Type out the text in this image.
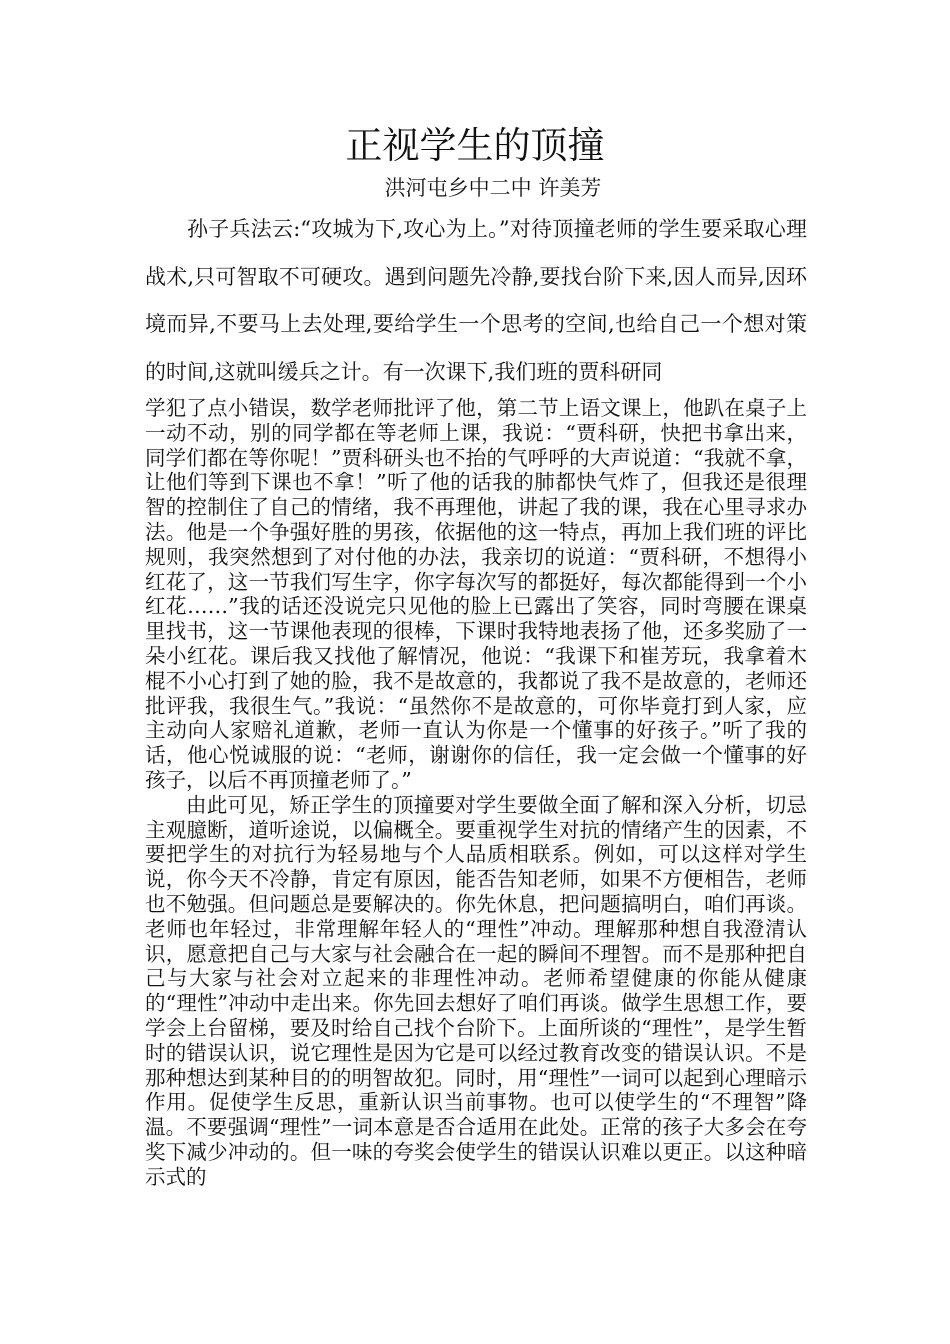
正视学生的顶撞
洪河屯乡中二中 许美芳

孙子兵法云:“攻城为下,攻心为上。”对待顶撞老师的学生要采取心理战术,只可智取不可硬攻。遇到问题先冷静,要找台阶下来,因人而异,因环境而异,不要马上去处理,要给学生一个思考的空间,也给自己一个想对策的时间,这就叫缓兵之计。有一次课下,我们班的贾科研同

学犯了点小错误，数学老师批评了他，第二节上语文课上，他趴在桌子上一动不动，别的同学都在等老师上课，我说：“贾科研，快把书拿出来，同学们都在等你呢！”贾科研头也不抬的气呼呼的大声说道：“我就不拿，让他们等到下课也不拿！”听了他的话我的肺都快气炸了，但我还是很理智的控制住了自己的情绪，我不再理他，讲起了我的课，我在心里寻求办法。他是一个争强好胜的男孩，依据他的这一特点，再加上我们班的评比规则，我突然想到了对付他的办法，我亲切的说道：“贾科研，不想得小红花了，这一节我们写生字，你字每次写的都挺好，每次都能得到一个小红花……”我的话还没说完只见他的脸上已露出了笑容，同时弯腰在课桌里找书，这一节课他表现的很棒，下课时我特地表扬了他，还多奖励了一朵小红花。课后我又找他了解情况，他说：“我课下和崔芳玩，我拿着木棍不小心打到了她的脸，我不是故意的，我都说了我不是故意的，老师还批评我，我很生气。”我说：“虽然你不是故意的，可你毕竟打到人家，应主动向人家赔礼道歉，老师一直认为你是一个懂事的好孩子。”听了我的话，他心悦诚服的说：“老师，谢谢你的信任，我一定会做一个懂事的好孩子，以后不再顶撞老师了。”

由此可见，矫正学生的顶撞要对学生要做全面了解和深入分析，切忌主观臆断，道听途说，以偏概全。要重视学生对抗的情绪产生的因素，不要把学生的对抗行为轻易地与个人品质相联系。例如，可以这样对学生说，你今天不冷静，肯定有原因，能否告知老师，如果不方便相告，老师也不勉强。但问题总是要解决的。你先休息，把问题搞明白，咱们再谈。老师也年轻过，非常理解年轻人的“理性”冲动。理解那种想自我澄清认识，愿意把自己与大家与社会融合在一起的瞬间不理智。而不是那种把自己与大家与社会对立起来的非理性冲动。老师希望健康的你能从健康的“理性”冲动中走出来。你先回去想好了咱们再谈。做学生思想工作，要学会上台留梯，要及时给自己找个台阶下。上面所谈的“理性”，是学生暂时的错误认识，说它理性是因为它是可以经过教育改变的错误认识。不是那种想达到某种目的的明智故犯。同时，用“理性”一词可以起到心理暗示作用。促使学生反思，重新认识当前事物。也可以使学生的“不理智”降温。不要强调“理性”一词本意是否合适用在此处。正常的孩子大多会在夸奖下减少冲动的。但一味的夸奖会使学生的错误认识难以更正。以这种暗示式的
